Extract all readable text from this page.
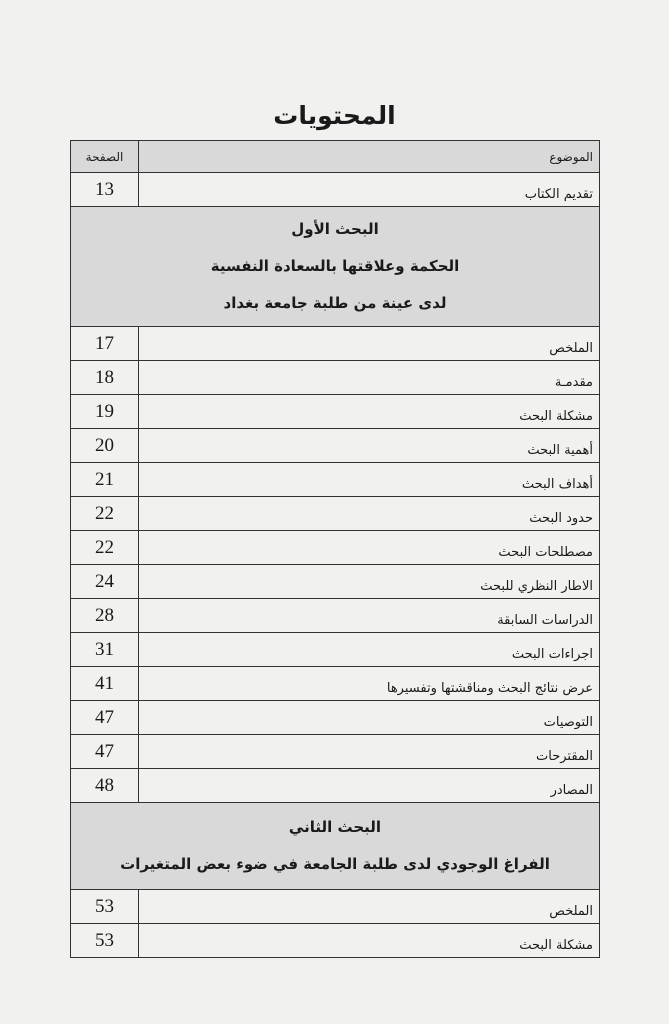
المحتويات
الموضوع	الصفحة
تقديم الكتاب	13

البحث الأول
الحكمة وعلاقتها بالسعادة النفسية
لدى عينة من طلبة جامعة بغداد	

الملخص	17
مقدمـة	18
مشكلة البحث	19
أهمية البحث	20
أهداف البحث	21
حدود البحث	22
مصطلحات البحث	22
الاطار النظري للبحث	24
الدراسات السابقة	28
اجراءات البحث	31
عرض نتائج البحث ومناقشتها وتفسيرها	41
التوصيات	47
المقترحات	47
المصادر	48

البحث الثاني
الفراغ الوجودي لدى طلبة الجامعة في ضوء بعض المتغيرات	

الملخص	53
مشكلة البحث	53
